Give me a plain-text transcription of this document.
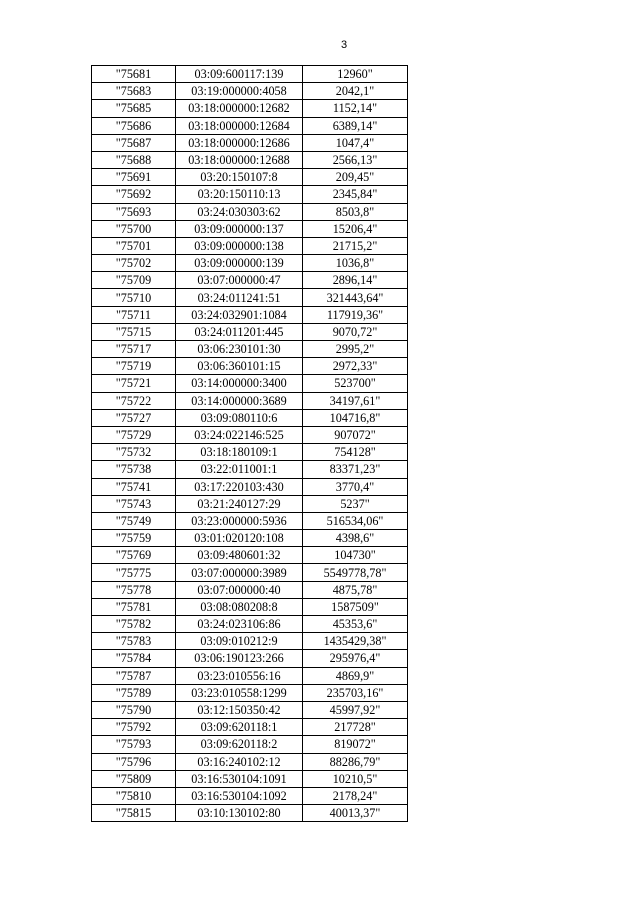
3
"75681	03:09:600117:139	12960"
"75683	03:19:000000:4058	2042,1"
"75685	03:18:000000:12682	1152,14"
"75686	03:18:000000:12684	6389,14"
"75687	03:18:000000:12686	1047,4"
"75688	03:18:000000:12688	2566,13"
"75691	03:20:150107:8	209,45"
"75692	03:20:150110:13	2345,84"
"75693	03:24:030303:62	8503,8"
"75700	03:09:000000:137	15206,4"
"75701	03:09:000000:138	21715,2"
"75702	03:09:000000:139	1036,8"
"75709	03:07:000000:47	2896,14"
"75710	03:24:011241:51	321443,64"
"75711	03:24:032901:1084	117919,36"
"75715	03:24:011201:445	9070,72"
"75717	03:06:230101:30	2995,2"
"75719	03:06:360101:15	2972,33"
"75721	03:14:000000:3400	523700"
"75722	03:14:000000:3689	34197,61"
"75727	03:09:080110:6	104716,8"
"75729	03:24:022146:525	907072"
"75732	03:18:180109:1	754128"
"75738	03:22:011001:1	83371,23"
"75741	03:17:220103:430	3770,4"
"75743	03:21:240127:29	5237"
"75749	03:23:000000:5936	516534,06"
"75759	03:01:020120:108	4398,6"
"75769	03:09:480601:32	104730"
"75775	03:07:000000:3989	5549778,78"
"75778	03:07:000000:40	4875,78"
"75781	03:08:080208:8	1587509"
"75782	03:24:023106:86	45353,6"
"75783	03:09:010212:9	1435429,38"
"75784	03:06:190123:266	295976,4"
"75787	03:23:010556:16	4869,9"
"75789	03:23:010558:1299	235703,16"
"75790	03:12:150350:42	45997,92"
"75792	03:09:620118:1	217728"
"75793	03:09:620118:2	819072"
"75796	03:16:240102:12	88286,79"
"75809	03:16:530104:1091	10210,5"
"75810	03:16:530104:1092	2178,24"
"75815	03:10:130102:80	40013,37"
